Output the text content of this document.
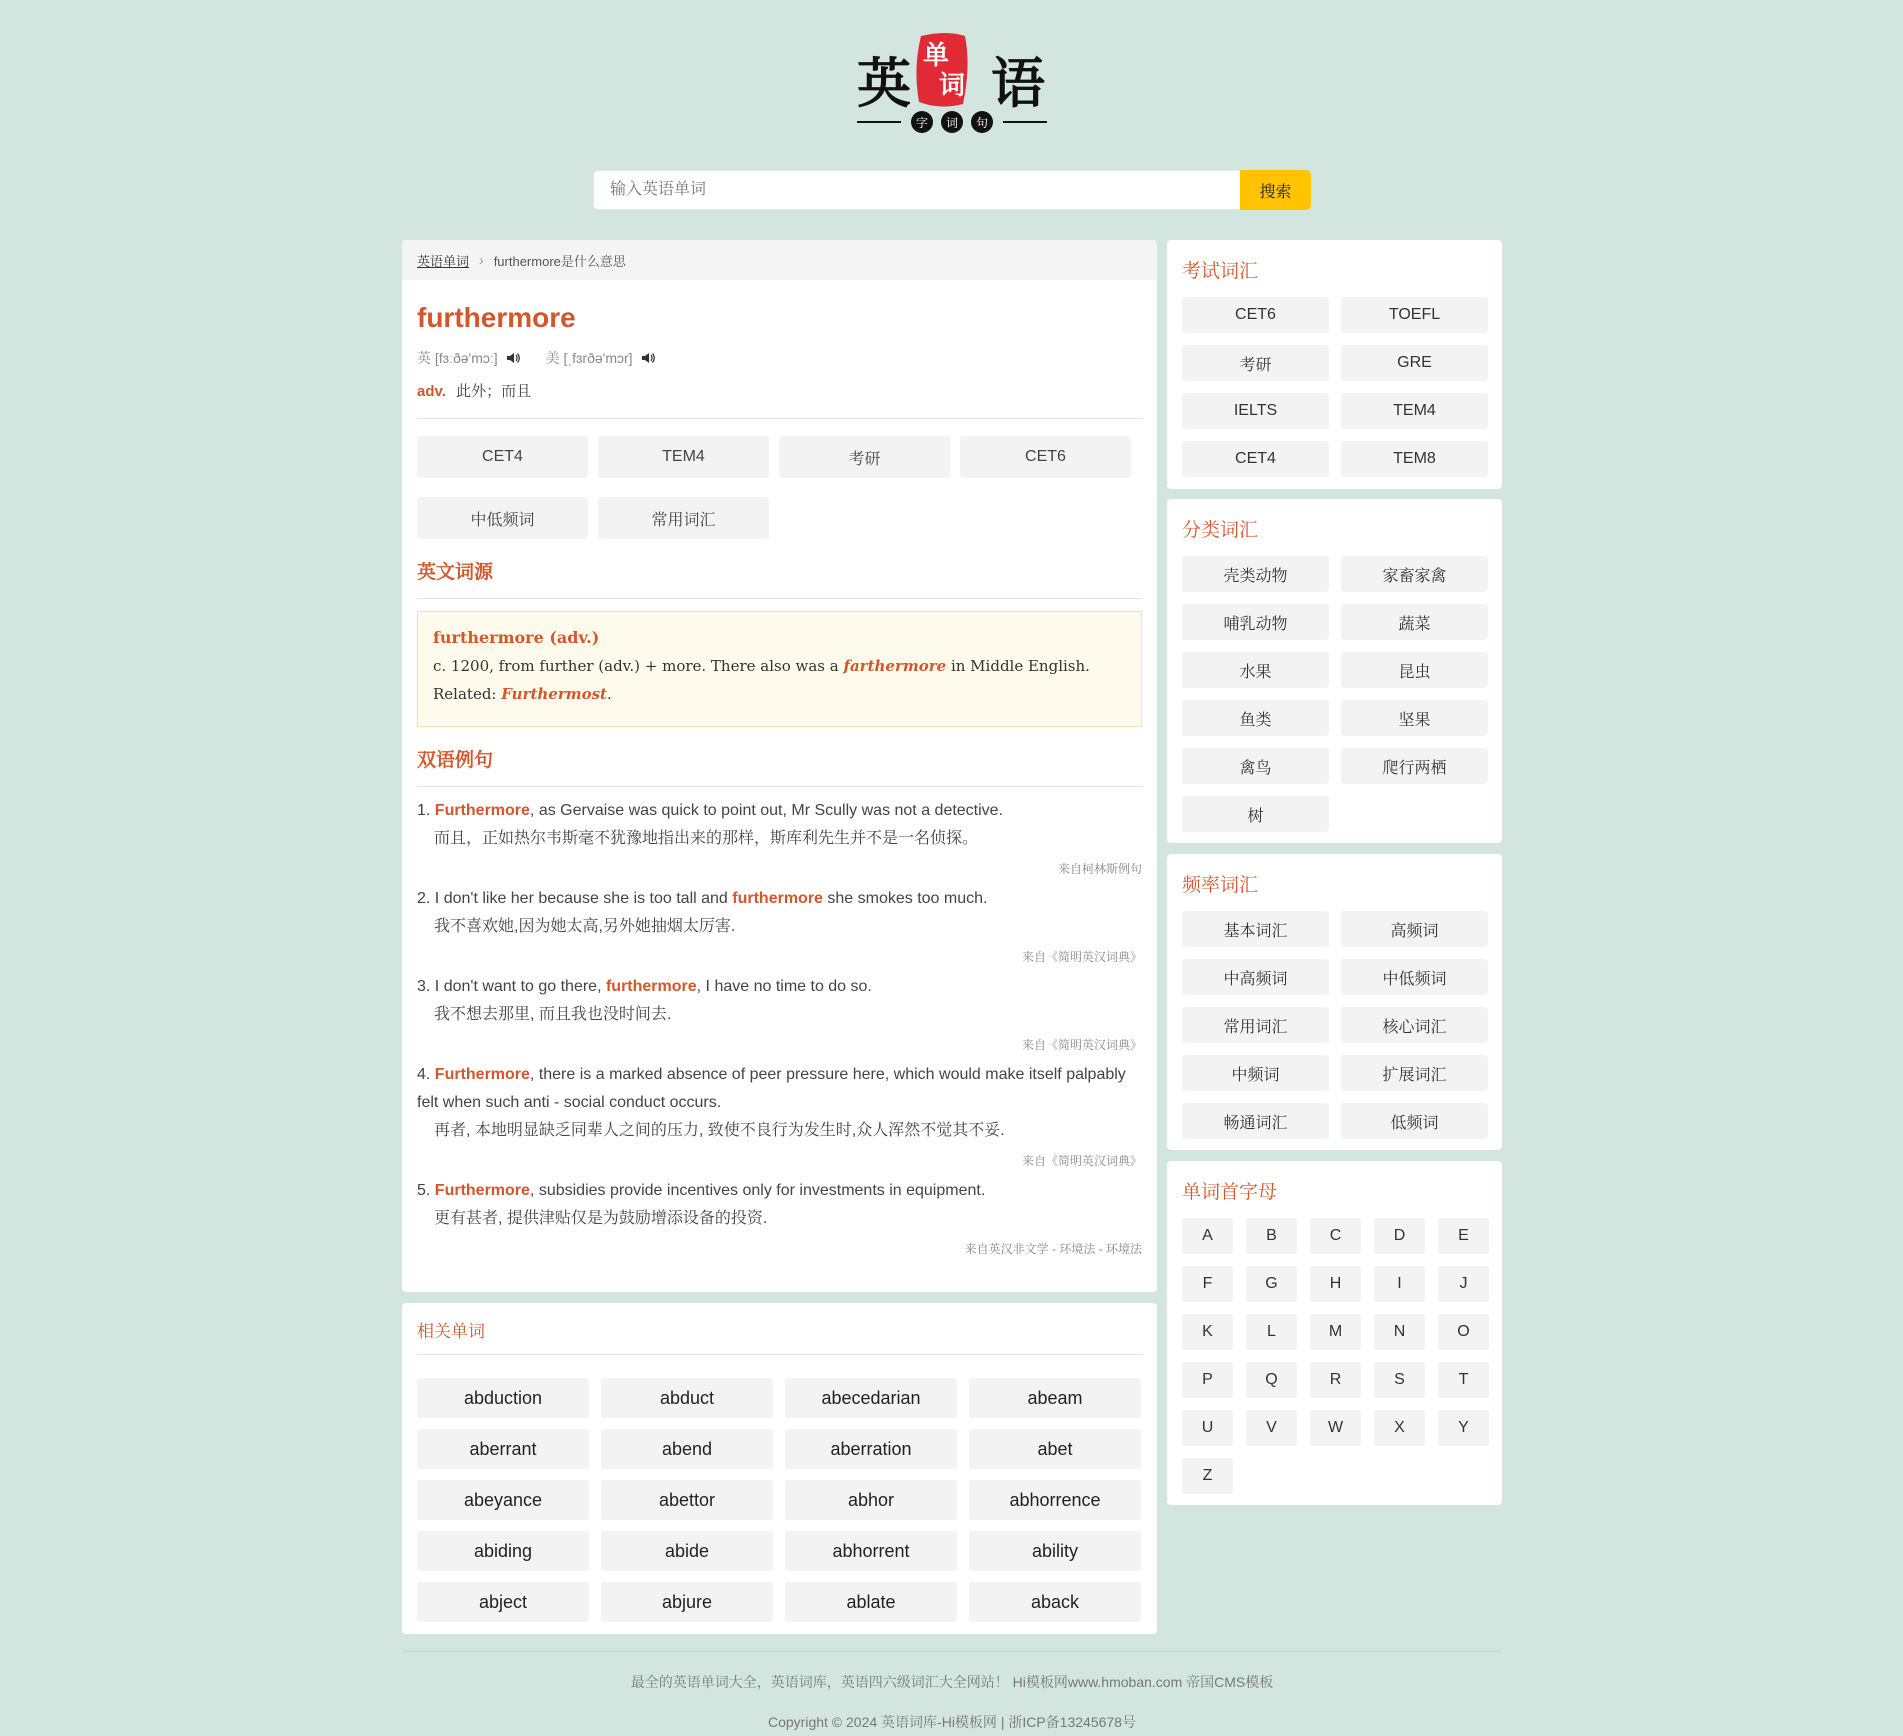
英 单
词 语
字 词 句
输入英语单词
搜索
英语单词 › furthermore是什么意思
furthermore
英 [fɜːðə'mɔː]	美 [ˌfɜrðə'mɔr]
adv. 此外；而且
CET4	TEM4	考研	CET6
中低频词	常用词汇
英文词源
furthermore (adv.)
c. 1200, from further (adv.) + more. There also was a farthermore in Middle English. Related: Furthermost.
双语例句
1. Furthermore, as Gervaise was quick to point out, Mr Scully was not a detective.
而且，正如热尔韦斯毫不犹豫地指出来的那样，斯库利先生并不是一名侦探。
来自柯林斯例句
2. I don't like her because she is too tall and furthermore she smokes too much.
我不喜欢她,因为她太高,另外她抽烟太厉害.
来自《简明英汉词典》
3. I don't want to go there, furthermore, I have no time to do so.
我不想去那里, 而且我也没时间去.
来自《简明英汉词典》
4. Furthermore, there is a marked absence of peer pressure here, which would make itself palpably felt when such anti - social conduct occurs.
再者, 本地明显缺乏同辈人之间的压力, 致使不良行为发生时,众人浑然不觉其不妥.
来自《简明英汉词典》
5. Furthermore, subsidies provide incentives only for investments in equipment.
更有甚者, 提供津贴仅是为鼓励增添设备的投资.
来自英汉非文学 - 环境法 - 环境法
相关单词
abduction	abduct	abecedarian	abeam
aberrant	abend	aberration	abet
abeyance	abettor	abhor	abhorrence
abiding	abide	abhorrent	ability
abject	abjure	ablate	aback
考试词汇
CET6	TOEFL
考研	GRE
IELTS	TEM4
CET4	TEM8
分类词汇
壳类动物	家畜家禽
哺乳动物	蔬菜
水果	昆虫
鱼类	坚果
禽鸟	爬行两栖
树
频率词汇
基本词汇	高频词
中高频词	中低频词
常用词汇	核心词汇
中频词	扩展词汇
畅通词汇	低频词
单词首字母
A	B	C	D	E
F	G	H	I	J
K	L	M	N	O
P	Q	R	S	T
U	V	W	X	Y
Z
最全的英语单词大全，英语词库，英语四六级词汇大全网站！ Hi模板网www.hmoban.com 帝国CMS模板
Copyright © 2024 英语词库-Hi模板网 | 浙ICP备13245678号
